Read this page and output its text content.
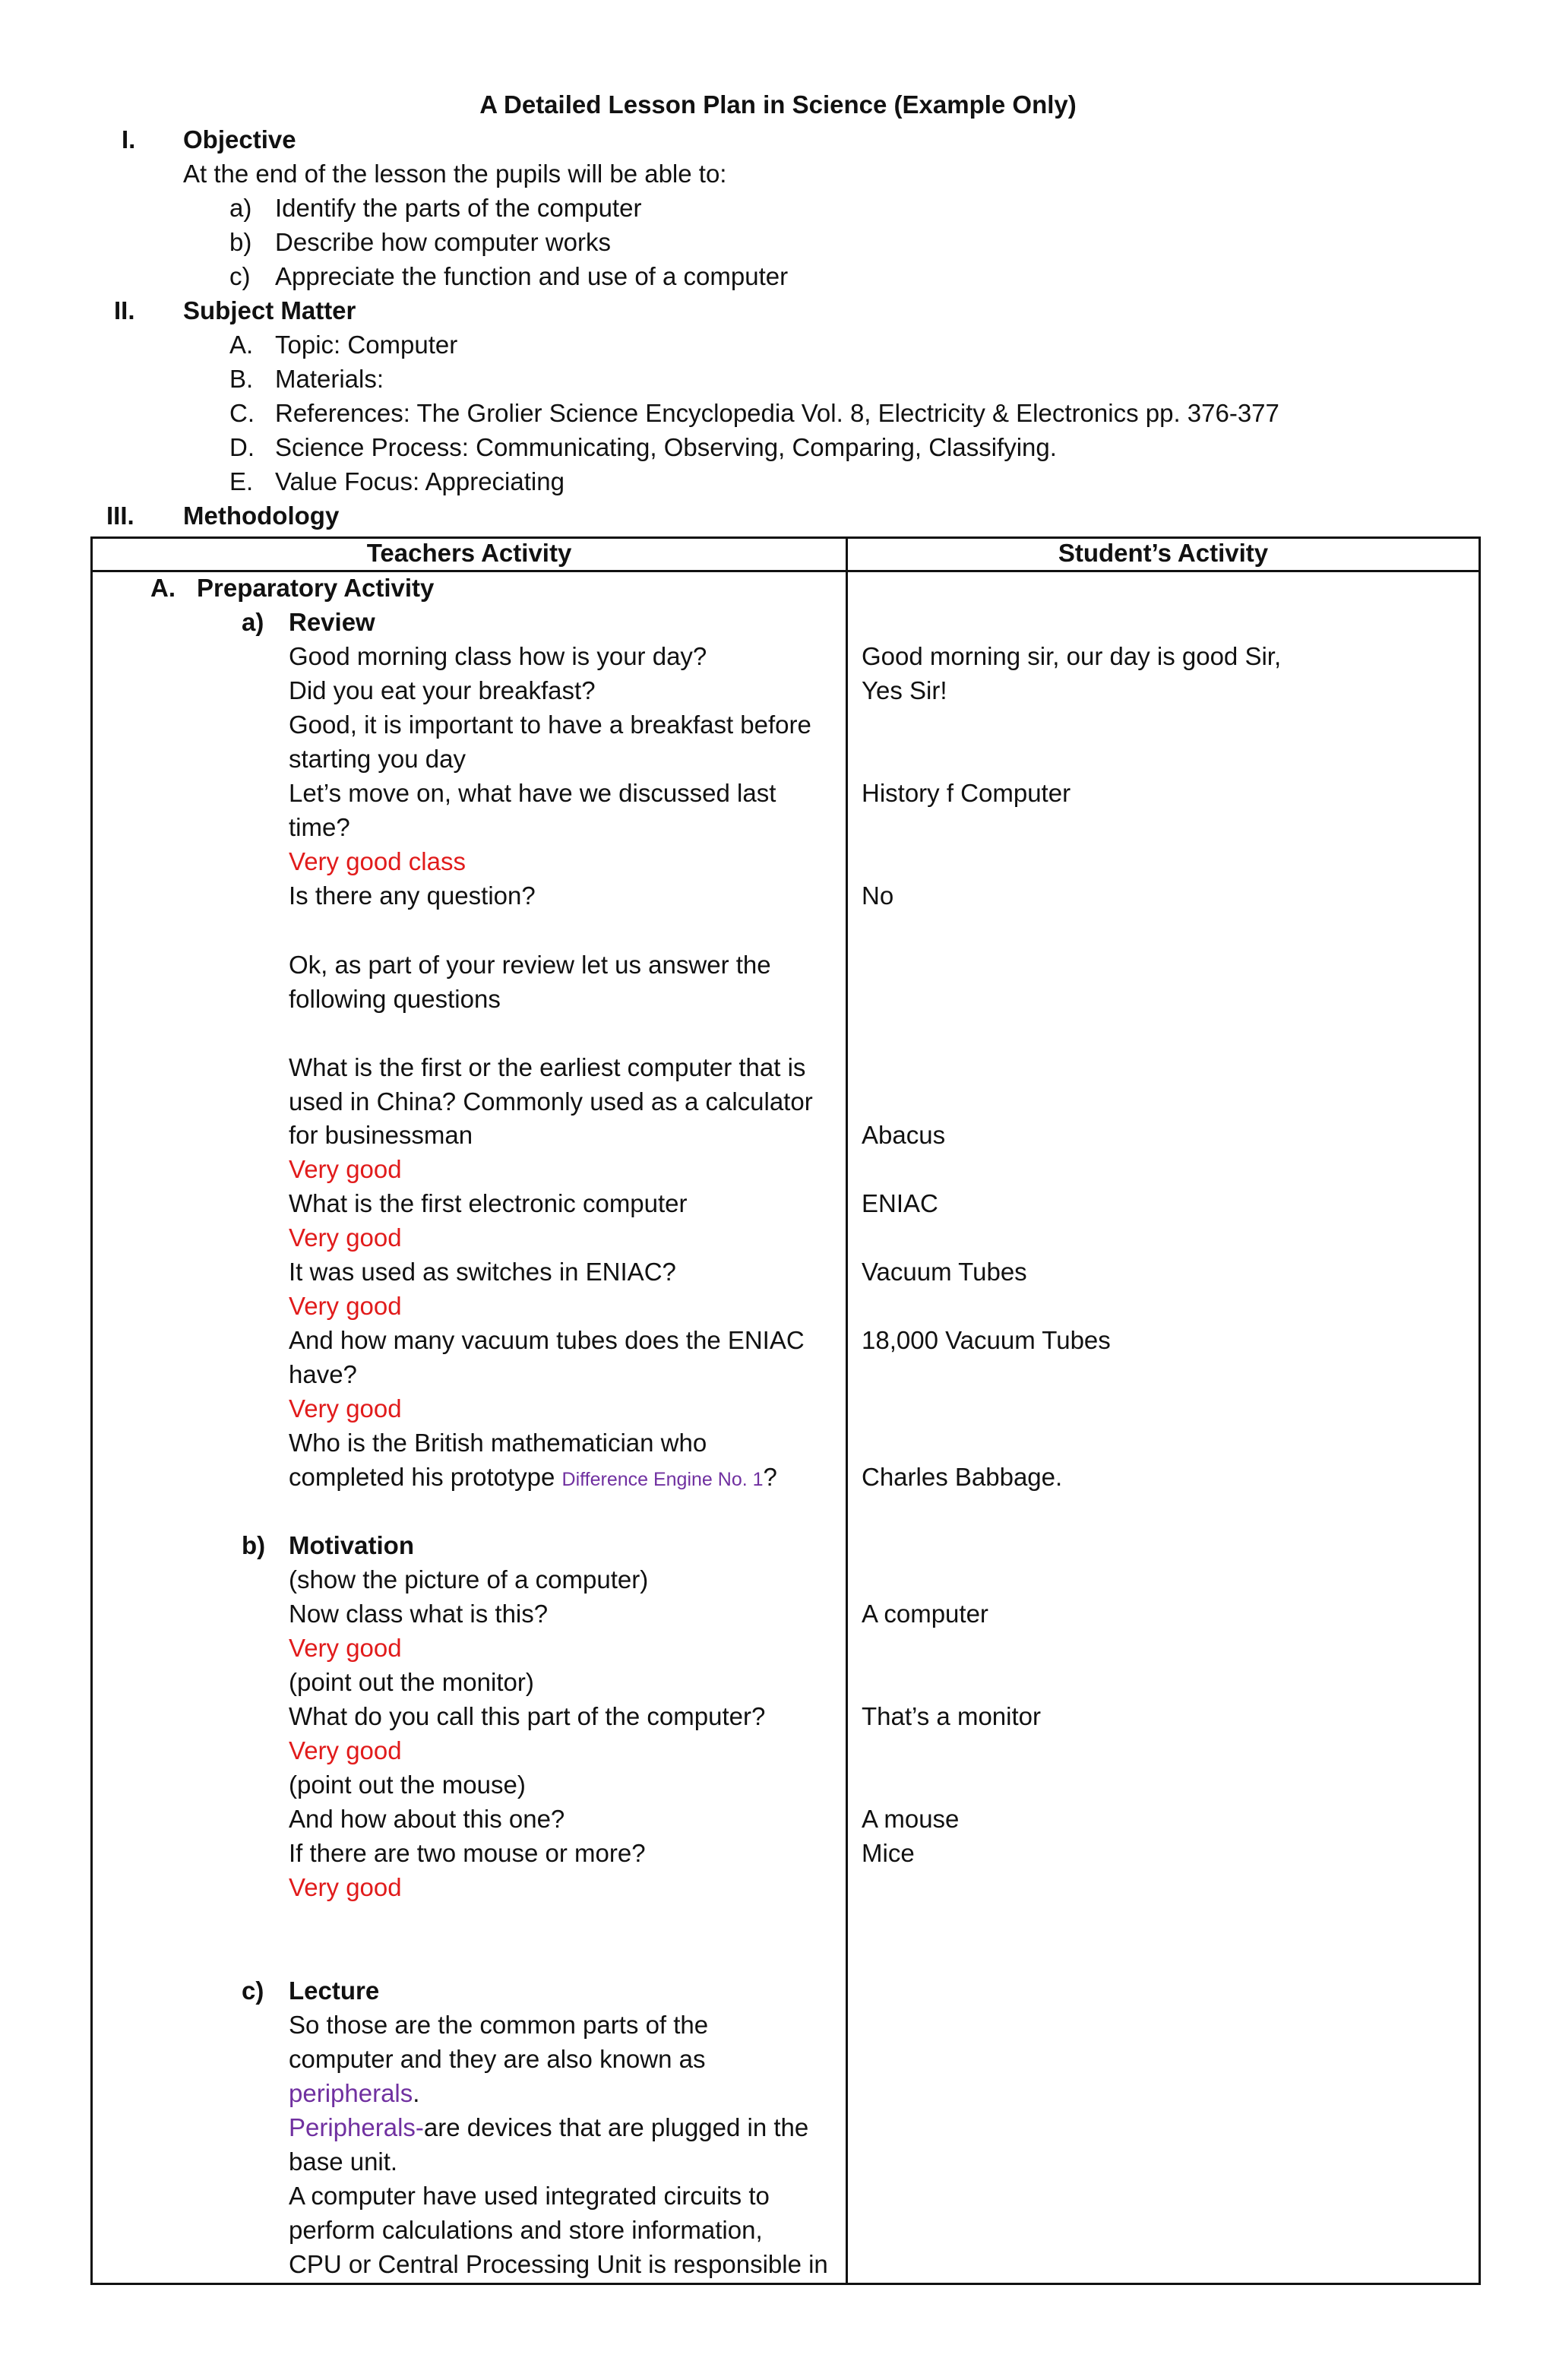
A Detailed Lesson Plan in Science (Example Only)
I. Objective
At the end of the lesson the pupils will be able to:
a) Identify the parts of the computer
b) Describe how computer works
c) Appreciate the function and use of a computer
II. Subject Matter
A. Topic: Computer
B. Materials:
C. References: The Grolier Science Encyclopedia Vol. 8, Electricity & Electronics pp. 376-377
D. Science Process: Communicating, Observing, Comparing, Classifying.
E. Value Focus: Appreciating
III. Methodology
Teachers Activity	Student’s Activity
A. Preparatory Activity
a) Review
Good morning class how is your day?
Did you eat your breakfast?
Good, it is important to have a breakfast before
starting you day
Let’s move on, what have we discussed last
time?
Very good class
Is there any question?
Ok, as part of your review let us answer the
following questions
What is the first or the earliest computer that is
used in China? Commonly used as a calculator
for businessman
Very good
What is the first electronic computer
Very good
It was used as switches in ENIAC?
Very good
And how many vacuum tubes does the ENIAC
have?
Very good
Who is the British mathematician who
completed his prototype Difference Engine No. 1?
Good morning sir, our day is good Sir,
Yes Sir!
History f Computer
No
Abacus
ENIAC
Vacuum Tubes
18,000 Vacuum Tubes
Charles Babbage.
b) Motivation
(show the picture of a computer)
Now class what is this?
Very good
(point out the monitor)
What do you call this part of the computer?
Very good
(point out the mouse)
And how about this one?
If there are two mouse or more?
Very good
A computer
That’s a monitor
A mouse
Mice
c) Lecture
So those are the common parts of the
computer and they are also known as
peripherals.
Peripherals-are devices that are plugged in the
base unit.
A computer have used integrated circuits to
perform calculations and store information,
CPU or Central Processing Unit is responsible in
